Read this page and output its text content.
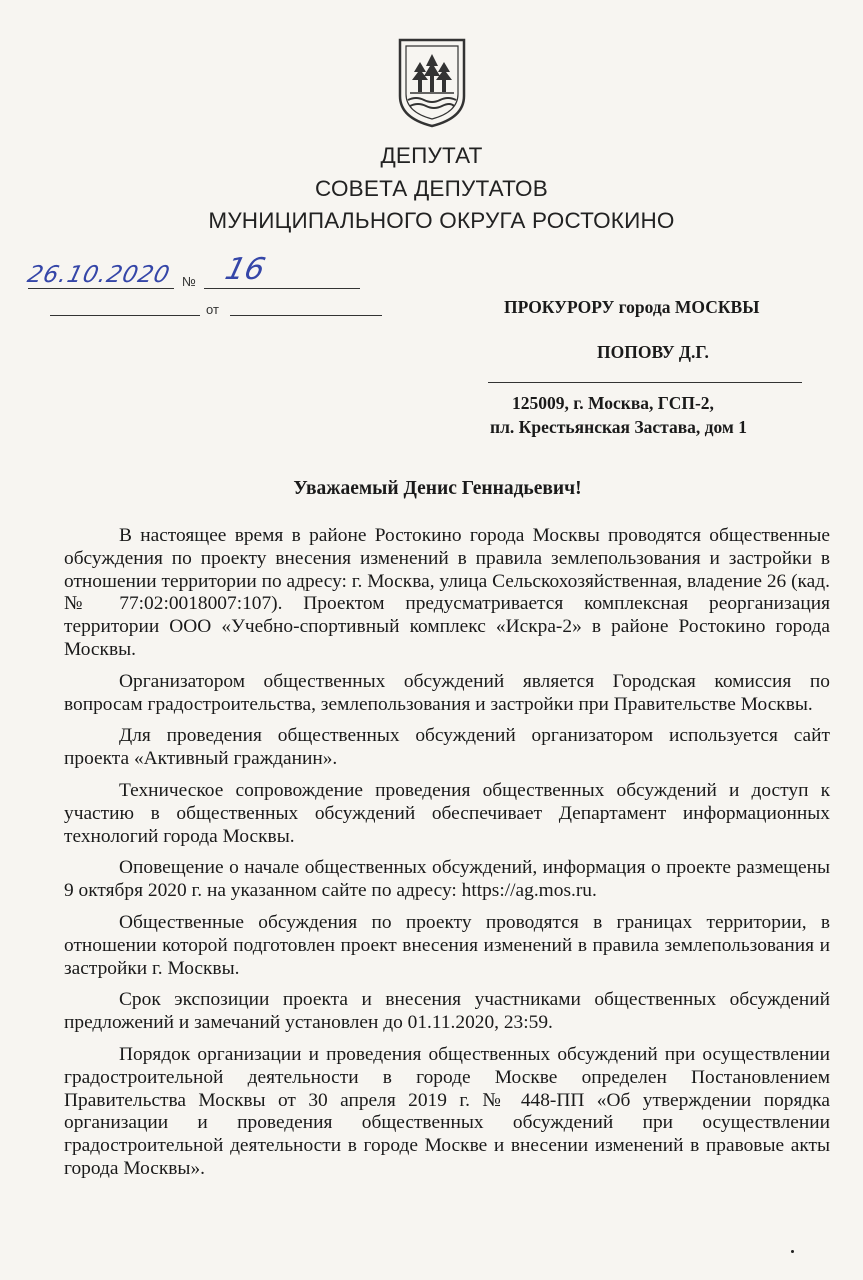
ДЕПУТАТ
СОВЕТА ДЕПУТАТОВ
МУНИЦИПАЛЬНОГО ОКРУГА РОСТОКИНО
26.10.2020 № 16
от	ПРОКУРОРУ города МОСКВЫ
ПОПОВУ Д.Г.
125009, г. Москва, ГСП-2,
пл. Крестьянская Застава, дом 1
Уважаемый Денис Геннадьевич!

В настоящее время в районе Ростокино города Москвы проводятся общественные обсуждения по проекту внесения изменений в правила землепользования и застройки в отношении территории по адресу: г. Москва, улица Сельскохозяйственная, владение 26 (кад. № 77:02:0018007:107). Проектом предусматривается комплексная реорганизация территории ООО «Учебно-спортивный комплекс «Искра-2» в районе Ростокино города Москвы.

Организатором общественных обсуждений является Городская комиссия по вопросам градостроительства, землепользования и застройки при Правительстве Москвы.

Для проведения общественных обсуждений организатором используется сайт проекта «Активный гражданин».

Техническое сопровождение проведения общественных обсуждений и доступ к участию в общественных обсуждений обеспечивает Департамент информационных технологий города Москвы.

Оповещение о начале общественных обсуждений, информация о проекте размещены 9 октября 2020 г. на указанном сайте по адресу: https://ag.mos.ru.

Общественные обсуждения по проекту проводятся в границах территории, в отношении которой подготовлен проект внесения изменений в правила землепользования и застройки г. Москвы.

Срок экспозиции проекта и внесения участниками общественных обсуждений предложений и замечаний установлен до 01.11.2020, 23:59.

Порядок организации и проведения общественных обсуждений при осуществлении градостроительной деятельности в городе Москве определен Постановлением Правительства Москвы от 30 апреля 2019 г. № 448-ПП «Об утверждении порядка организации и проведения общественных обсуждений при осуществлении градостроительной деятельности в городе Москве и внесении изменений в правовые акты города Москвы».
